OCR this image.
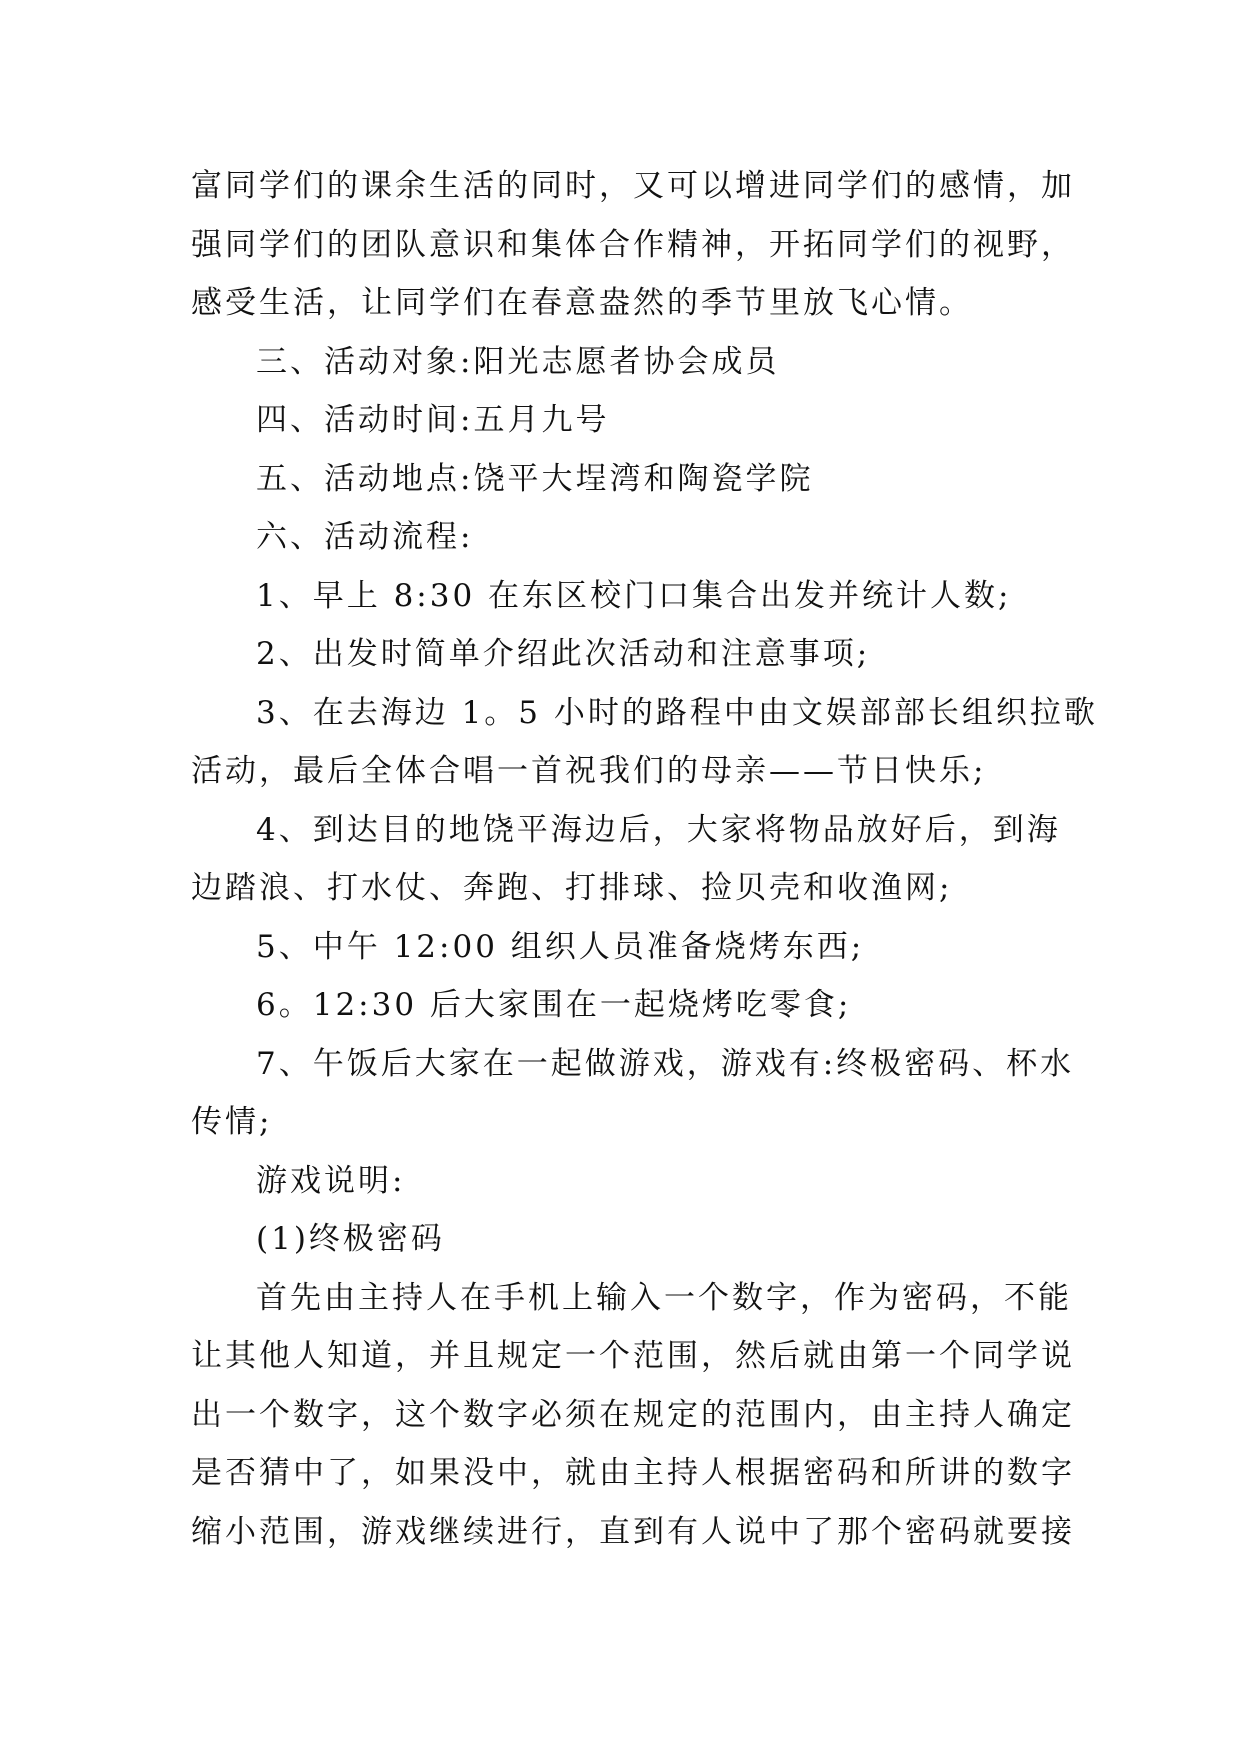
富同学们的课余生活的同时，又可以增进同学们的感情，加
强同学们的团队意识和集体合作精神，开拓同学们的视野，
感受生活，让同学们在春意盎然的季节里放飞心情。
三、活动对象:阳光志愿者协会成员
四、活动时间:五月九号
五、活动地点:饶平大埕湾和陶瓷学院
六、活动流程:
1、早上 8:30 在东区校门口集合出发并统计人数;
2、出发时简单介绍此次活动和注意事项;
3、在去海边 1。5 小时的路程中由文娱部部长组织拉歌
活动，最后全体合唱一首祝我们的母亲——节日快乐;
4、到达目的地饶平海边后，大家将物品放好后，到海
边踏浪、打水仗、奔跑、打排球、捡贝壳和收渔网;
5、中午 12:00 组织人员准备烧烤东西;
6。12:30 后大家围在一起烧烤吃零食;
7、午饭后大家在一起做游戏，游戏有:终极密码、杯水
传情;
游戏说明:
(1)终极密码
首先由主持人在手机上输入一个数字，作为密码，不能
让其他人知道，并且规定一个范围，然后就由第一个同学说
出一个数字，这个数字必须在规定的范围内，由主持人确定
是否猜中了，如果没中，就由主持人根据密码和所讲的数字
缩小范围，游戏继续进行，直到有人说中了那个密码就要接
